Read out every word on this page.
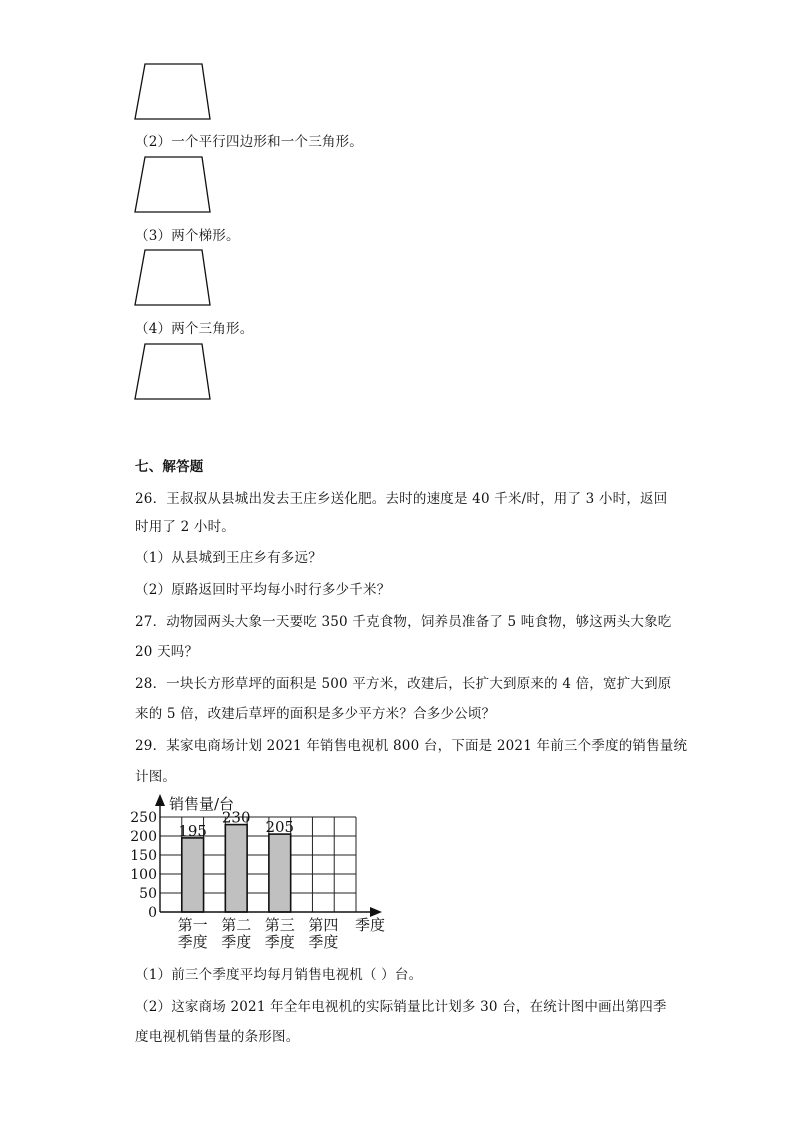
（2）一个平行四边形和一个三角形。
（3）两个梯形。
（4）两个三角形。
七、解答题
26．王叔叔从县城出发去王庄乡送化肥。去时的速度是 40 千米/时，用了 3 小时，返回
时用了 2 小时。
（1）从县城到王庄乡有多远？
（2）原路返回时平均每小时行多少千米？
27．动物园两头大象一天要吃 350 千克食物，饲养员准备了 5 吨食物，够这两头大象吃
20 天吗？
28．一块长方形草坪的面积是 500 平方米，改建后，长扩大到原来的 4 倍，宽扩大到原
来的 5 倍，改建后草坪的面积是多少平方米？合多少公顷？
29．某家电商场计划 2021 年销售电视机 800 台，下面是 2021 年前三个季度的销售量统
计图。
195
230
205
0
50
100
150
200
250
销售量/台
第一
季度
第二
季度
第三
季度
第四
季度
季度
（1）前三个季度平均每月销售电视机（ ）台。
（2）这家商场 2021 年全年电视机的实际销量比计划多 30 台，在统计图中画出第四季
度电视机销售量的条形图。
